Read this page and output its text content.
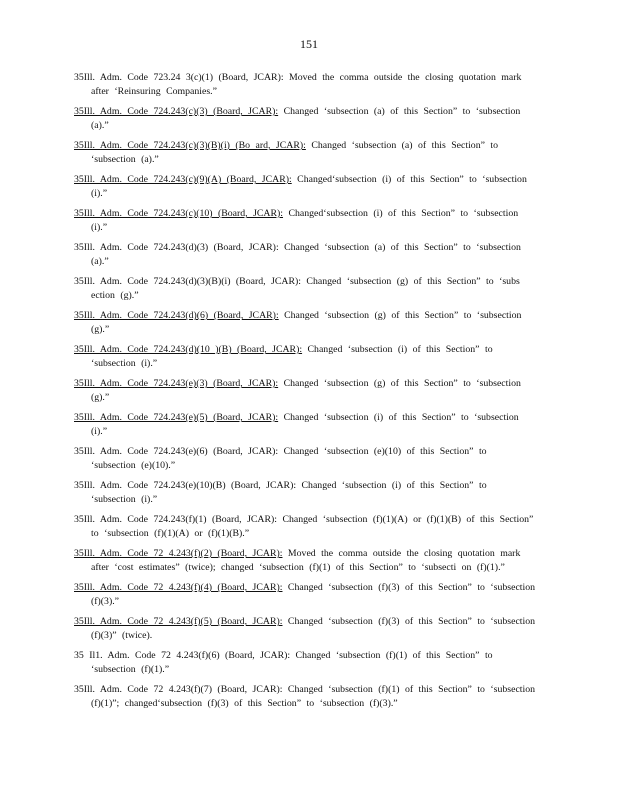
151

35Ill. Adm. Code 723.24 3(c)(1) (Board, JCAR): Moved the comma outside the closing quotation mark after ‘Reinsuring Companies.”

35Ill. Adm. Code 724.243(c)(3) (Board, JCAR): Changed ‘subsection (a) of this Section” to ‘subsection (a).”

35Ill. Adm. Code 724.243(c)(3)(B)(i) (Bo ard, JCAR): Changed ‘subsection (a) of this Section” to ‘subsection (a).”

35Ill. Adm. Code 724.243(c)(9)(A) (Board, JCAR): Changed‘subsection (i) of this Section” to ‘subsection (i).”

35Ill. Adm. Code 724.243(c)(10) (Board, JCAR): Changed‘subsection (i) of this Section” to ‘subsection (i).”

35Ill. Adm. Code 724.243(d)(3) (Board, JCAR): Changed ‘subsection (a) of this Section” to ‘subsection (a).”

35Ill. Adm. Code 724.243(d)(3)(B)(i) (Board, JCAR): Changed ‘subsection (g) of this Section” to ‘subs ection (g).”

35Ill. Adm. Code 724.243(d)(6) (Board, JCAR): Changed ‘subsection (g) of this Section” to ‘subsection (g).”

35Ill. Adm. Code 724.243(d)(10 )(B) (Board, JCAR): Changed ‘subsection (i) of this Section” to ‘subsection (i).”

35Ill. Adm. Code 724.243(e)(3) (Board, JCAR): Changed ‘subsection (g) of this Section” to ‘subsection (g).”

35Ill. Adm. Code 724.243(e)(5) (Board, JCAR): Changed ‘subsection (i) of this Section” to ‘subsection (i).”

35Ill. Adm. Code 724.243(e)(6) (Board, JCAR): Changed ‘subsection (e)(10) of this Section” to ‘subsection (e)(10).”

35Ill. Adm. Code 724.243(e)(10)(B) (Board, JCAR): Changed ‘subsection (i) of this Section” to ‘subsection (i).”

35Ill. Adm. Code 724.243(f)(1) (Board, JCAR): Changed ‘subsection (f)(1)(A) or (f)(1)(B) of this Section” to ‘subsection (f)(1)(A) or (f)(1)(B).”

35Ill. Adm. Code 72 4.243(f)(2) (Board, JCAR): Moved the comma outside the closing quotation mark after ‘cost estimates” (twice); changed ‘subsection (f)(1) of this Section” to ‘subsecti on (f)(1).”

35Ill. Adm. Code 72 4.243(f)(4) (Board, JCAR): Changed ‘subsection (f)(3) of this Section” to ‘subsection (f)(3).”

35Ill. Adm. Code 72 4.243(f)(5) (Board, JCAR): Changed ‘subsection (f)(3) of this Section” to ‘subsection (f)(3)” (twice).

35 Il1. Adm. Code 72 4.243(f)(6) (Board, JCAR): Changed ‘subsection (f)(1) of this Section” to ‘subsection (f)(1).”

35Ill. Adm. Code 72 4.243(f)(7) (Board, JCAR): Changed ‘subsection (f)(1) of this Section” to ‘subsection (f)(1)”; changed‘subsection (f)(3) of this Section” to ‘subsection (f)(3).”
